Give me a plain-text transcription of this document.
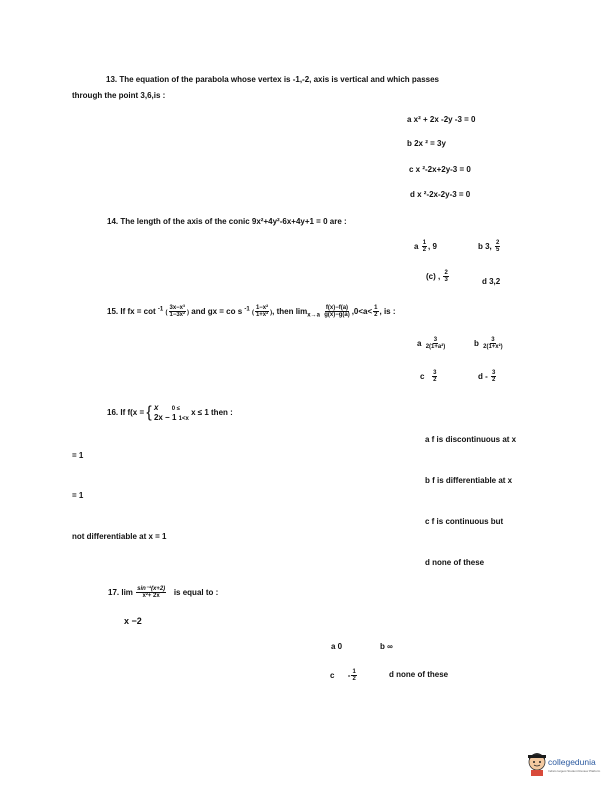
13. The equation of the parabola whose vertex is -1,-2, axis is vertical and which passes
through the point 3,6,is :
a x² + 2x -2y -3 = 0
b 2x ² = 3y
c x ²-2x+2y-3 = 0
d x ²-2x-2y-3 = 0
14. The length of the axis of the conic 9x²+4y²-6x+4y+1 = 0 are :
a $\frac{1}{2}$ , 9	b 3, $\frac{2}{5}$
(c) , $\frac{2}{3}$	d 3,2
15. If fx = cot $^{-1}$ ( $\frac{\text{3x−x³}}{\text{1−3x²}}$ ) and gx = co s $^{-1}$ ( $\frac{\text{1−x²}}{\text{1+x²}}$ ), then $\lim_{x\to a} \frac{f(x)-f(a)}{g(x)-g(a)} ,0<a< \frac{1}{2}$ , is :
a $\frac{3}{\text{2(1+a²)}}$	b $\frac{3}{\text{2(1+x²)}}$
c $\frac{3}{2}$	d - $\frac{3}{2}$
16. If f(x = { x 0 ≤
2x − 1 1<x
x ≤ 1 then :
a f is discontinuous at x
= 1
b f is differentiable at x
= 1
c f is continuous but
not differentiable at x = 1
d none of these
17. $\lim \frac{\text{sin⁻¹(x+2)}}{\text{x²+ 2x}}$ is equal to :
x −2
a 0	b ∞
c - $\frac{1}{2}$	d none of these
collegedunia
India's largest Student Review Platform
